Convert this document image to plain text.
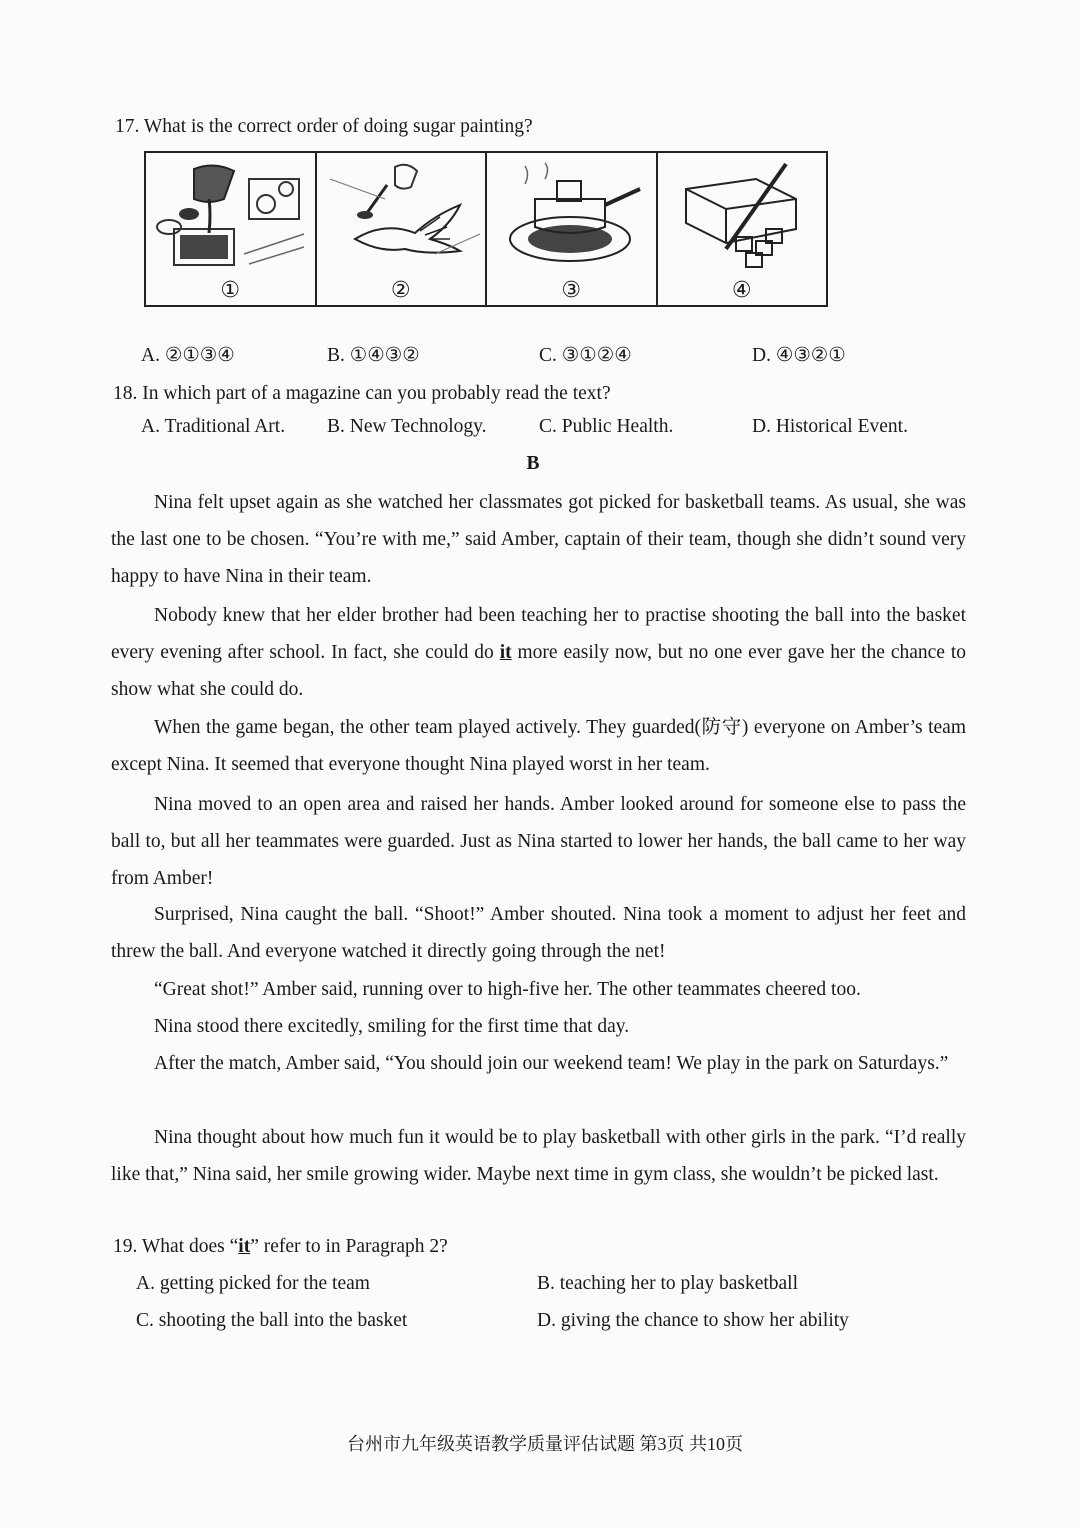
17. What is the correct order of doing sugar painting?
①	②	③	④
A. ②①③④	B. ①④③②	C. ③①②④	D. ④③②①
18. In which part of a magazine can you probably read the text?
A. Traditional Art. B. New Technology.	C. Public Health.	D. Historical Event.
B
Nina felt upset again as she watched her classmates got picked for basketball teams. As usual, she was the last one to be chosen. “You’re with me,” said Amber, captain of their team, though she didn’t sound very happy to have Nina in their team.
Nobody knew that her elder brother had been teaching her to practise shooting the ball into the basket every evening after school. In fact, she could do it more easily now, but no one ever gave her the chance to show what she could do.
When the game began, the other team played actively. They guarded(防守) everyone on Amber’s team except Nina. It seemed that everyone thought Nina played worst in her team.
Nina moved to an open area and raised her hands. Amber looked around for someone else to pass the ball to, but all her teammates were guarded. Just as Nina started to lower her hands, the ball came to her way from Amber!
Surprised, Nina caught the ball. “Shoot!” Amber shouted. Nina took a moment to adjust her feet and threw the ball. And everyone watched it directly going through the net!
“Great shot!” Amber said, running over to high-five her. The other teammates cheered too.
Nina stood there excitedly, smiling for the first time that day.
After the match, Amber said, “You should join our weekend team! We play in the park on Saturdays.”
Nina thought about how much fun it would be to play basketball with other girls in the park. “I’d really like that,” Nina said, her smile growing wider. Maybe next time in gym class, she wouldn’t be picked last.
19. What does “it” refer to in Paragraph 2?
A. getting picked for the team	B. teaching her to play basketball
C. shooting the ball into the basket	D. giving the chance to show her ability
台州市九年级英语教学质量评估试题 第3页 共10页
